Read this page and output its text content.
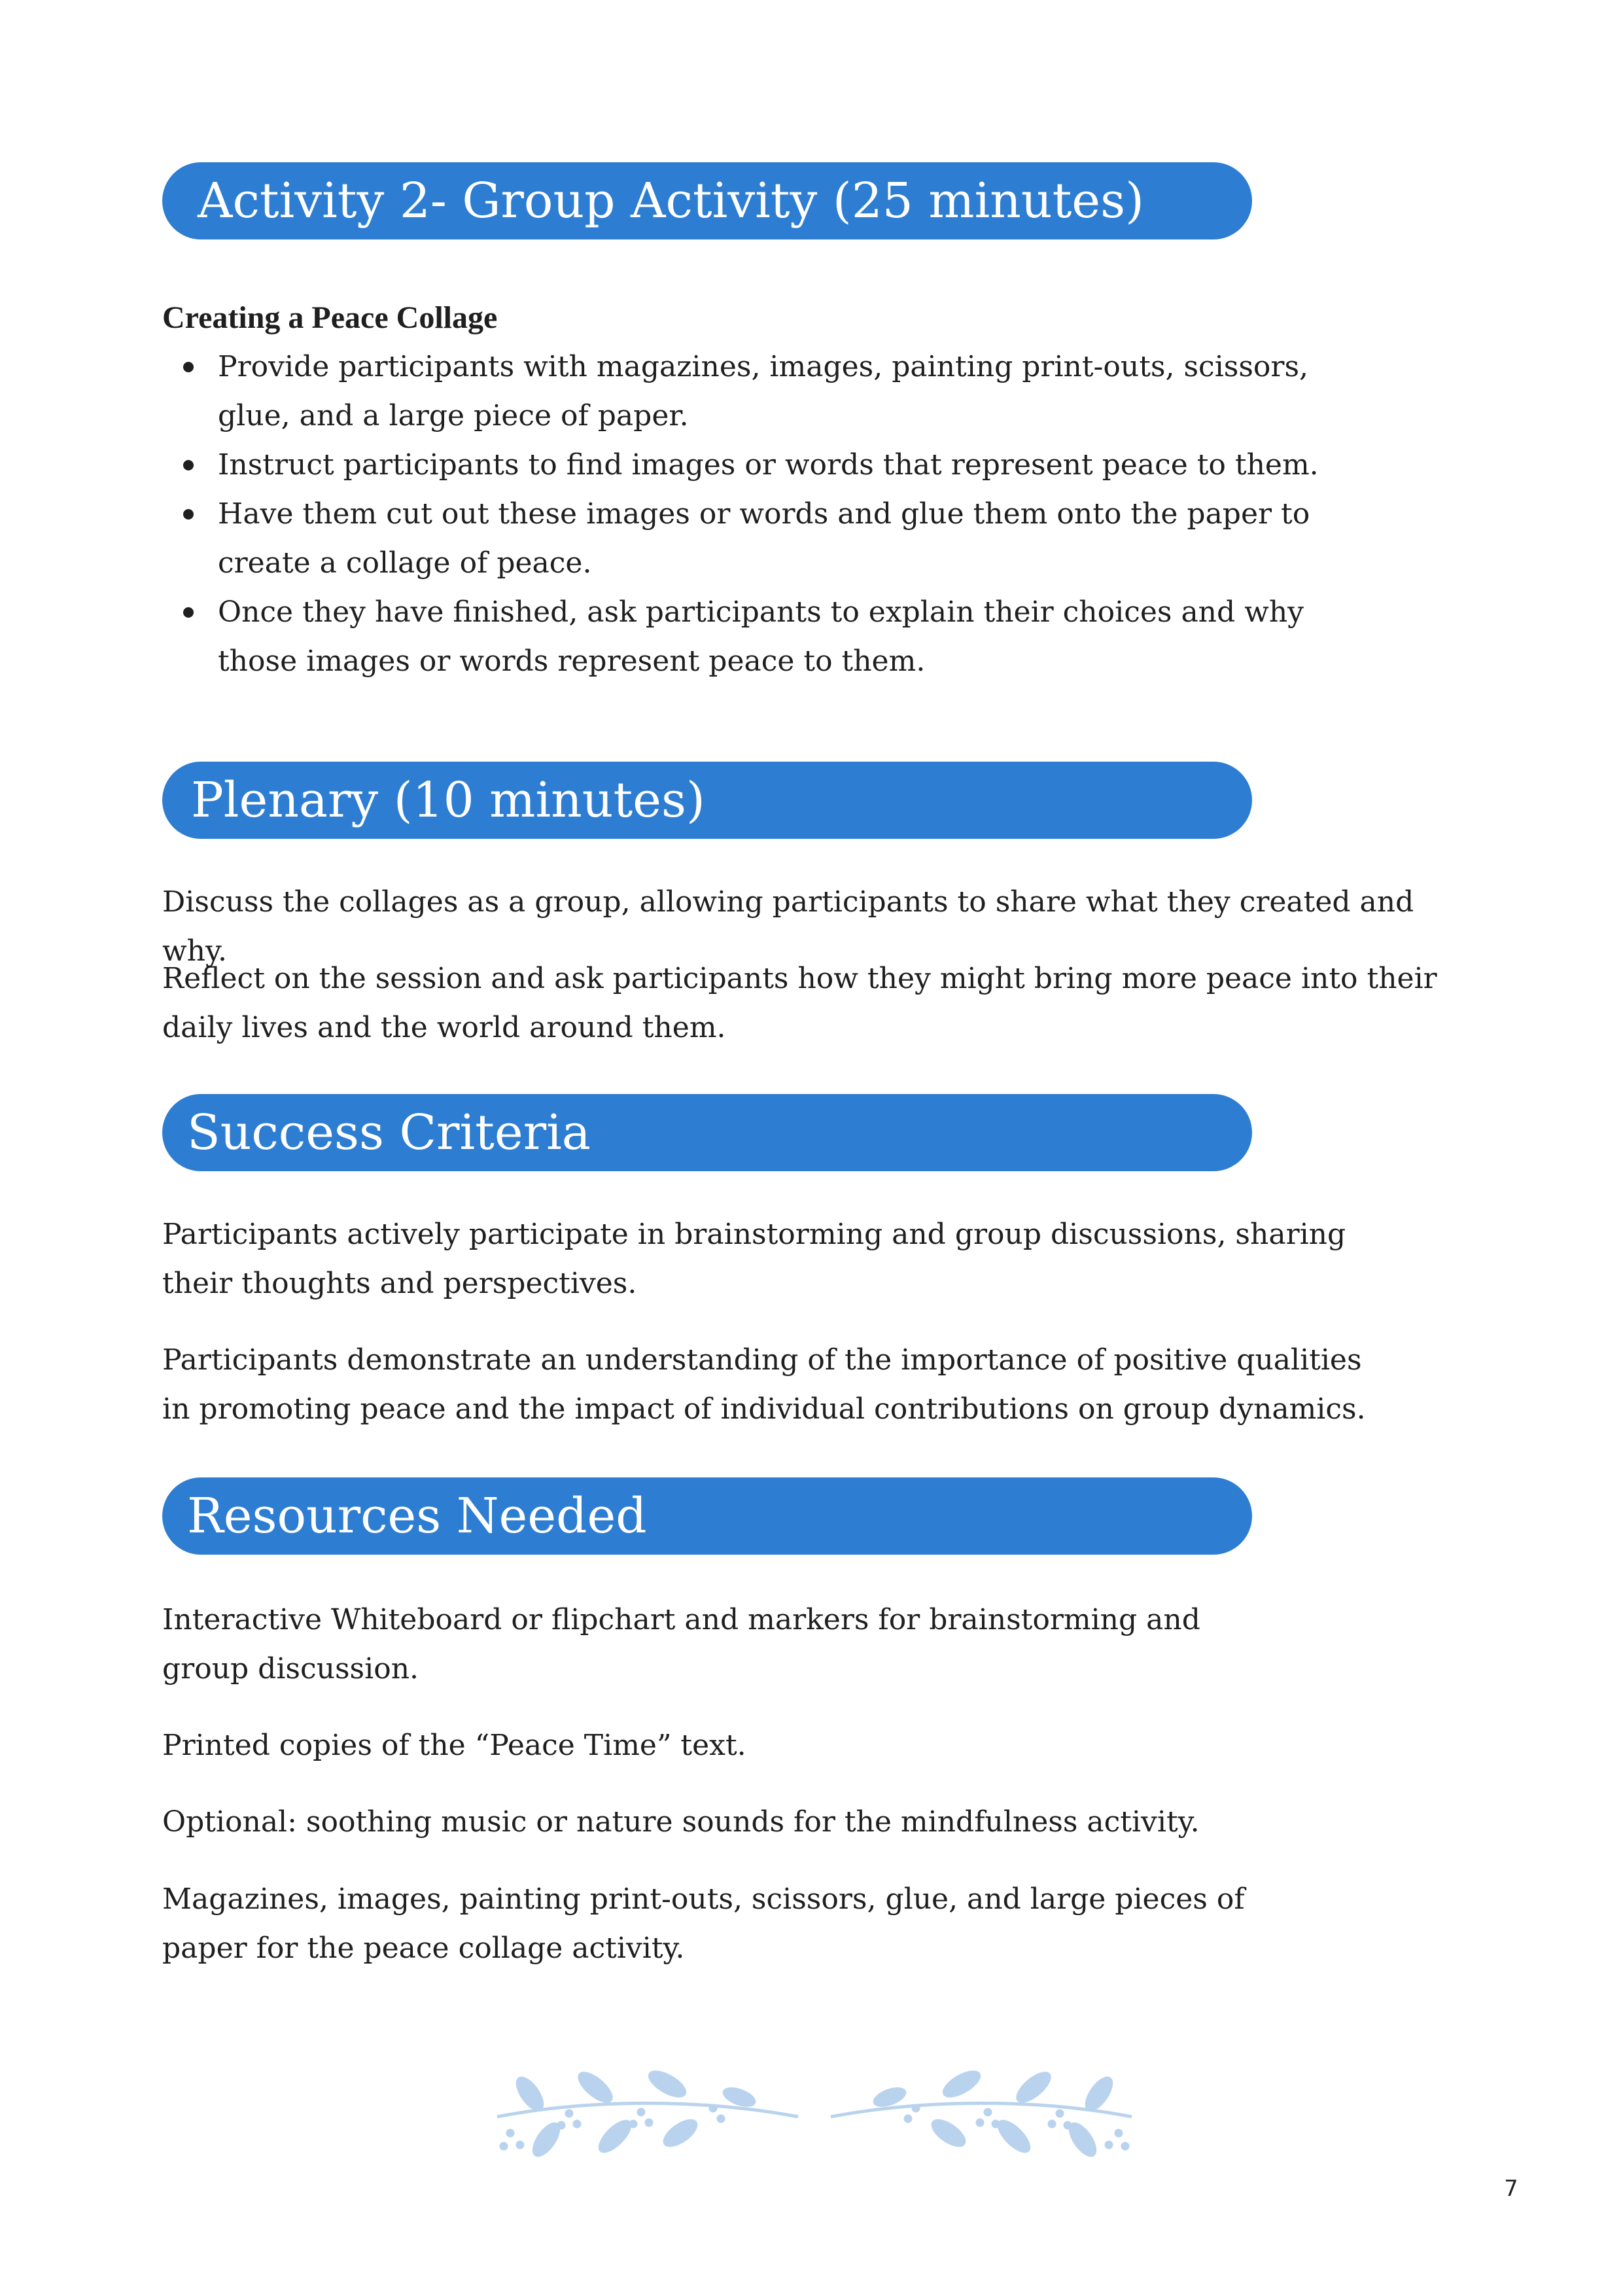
Activity 2- Group Activity (25 minutes)
Creating a Peace Collage
Provide participants with magazines, images, painting print-outs, scissors,
glue, and a large piece of paper.
Instruct participants to find images or words that represent peace to them.
Have them cut out these images or words and glue them onto the paper to
create a collage of peace.
Once they have finished, ask participants to explain their choices and why
those images or words represent peace to them.
Plenary (10 minutes)

Discuss the collages as a group, allowing participants to share what they created and why.

Reflect on the session and ask participants how they might bring more peace into their
daily lives and the world around them.

Success Criteria

Participants actively participate in brainstorming and group discussions, sharing
their thoughts and perspectives.

Participants demonstrate an understanding of the importance of positive qualities
in promoting peace and the impact of individual contributions on group dynamics.

Resources Needed

Interactive Whiteboard or flipchart and markers for brainstorming and
group discussion.

Printed copies of the “Peace Time” text.

Optional: soothing music or nature sounds for the mindfulness activity.

Magazines, images, painting print-outs, scissors, glue, and large pieces of
paper for the peace collage activity.

7
